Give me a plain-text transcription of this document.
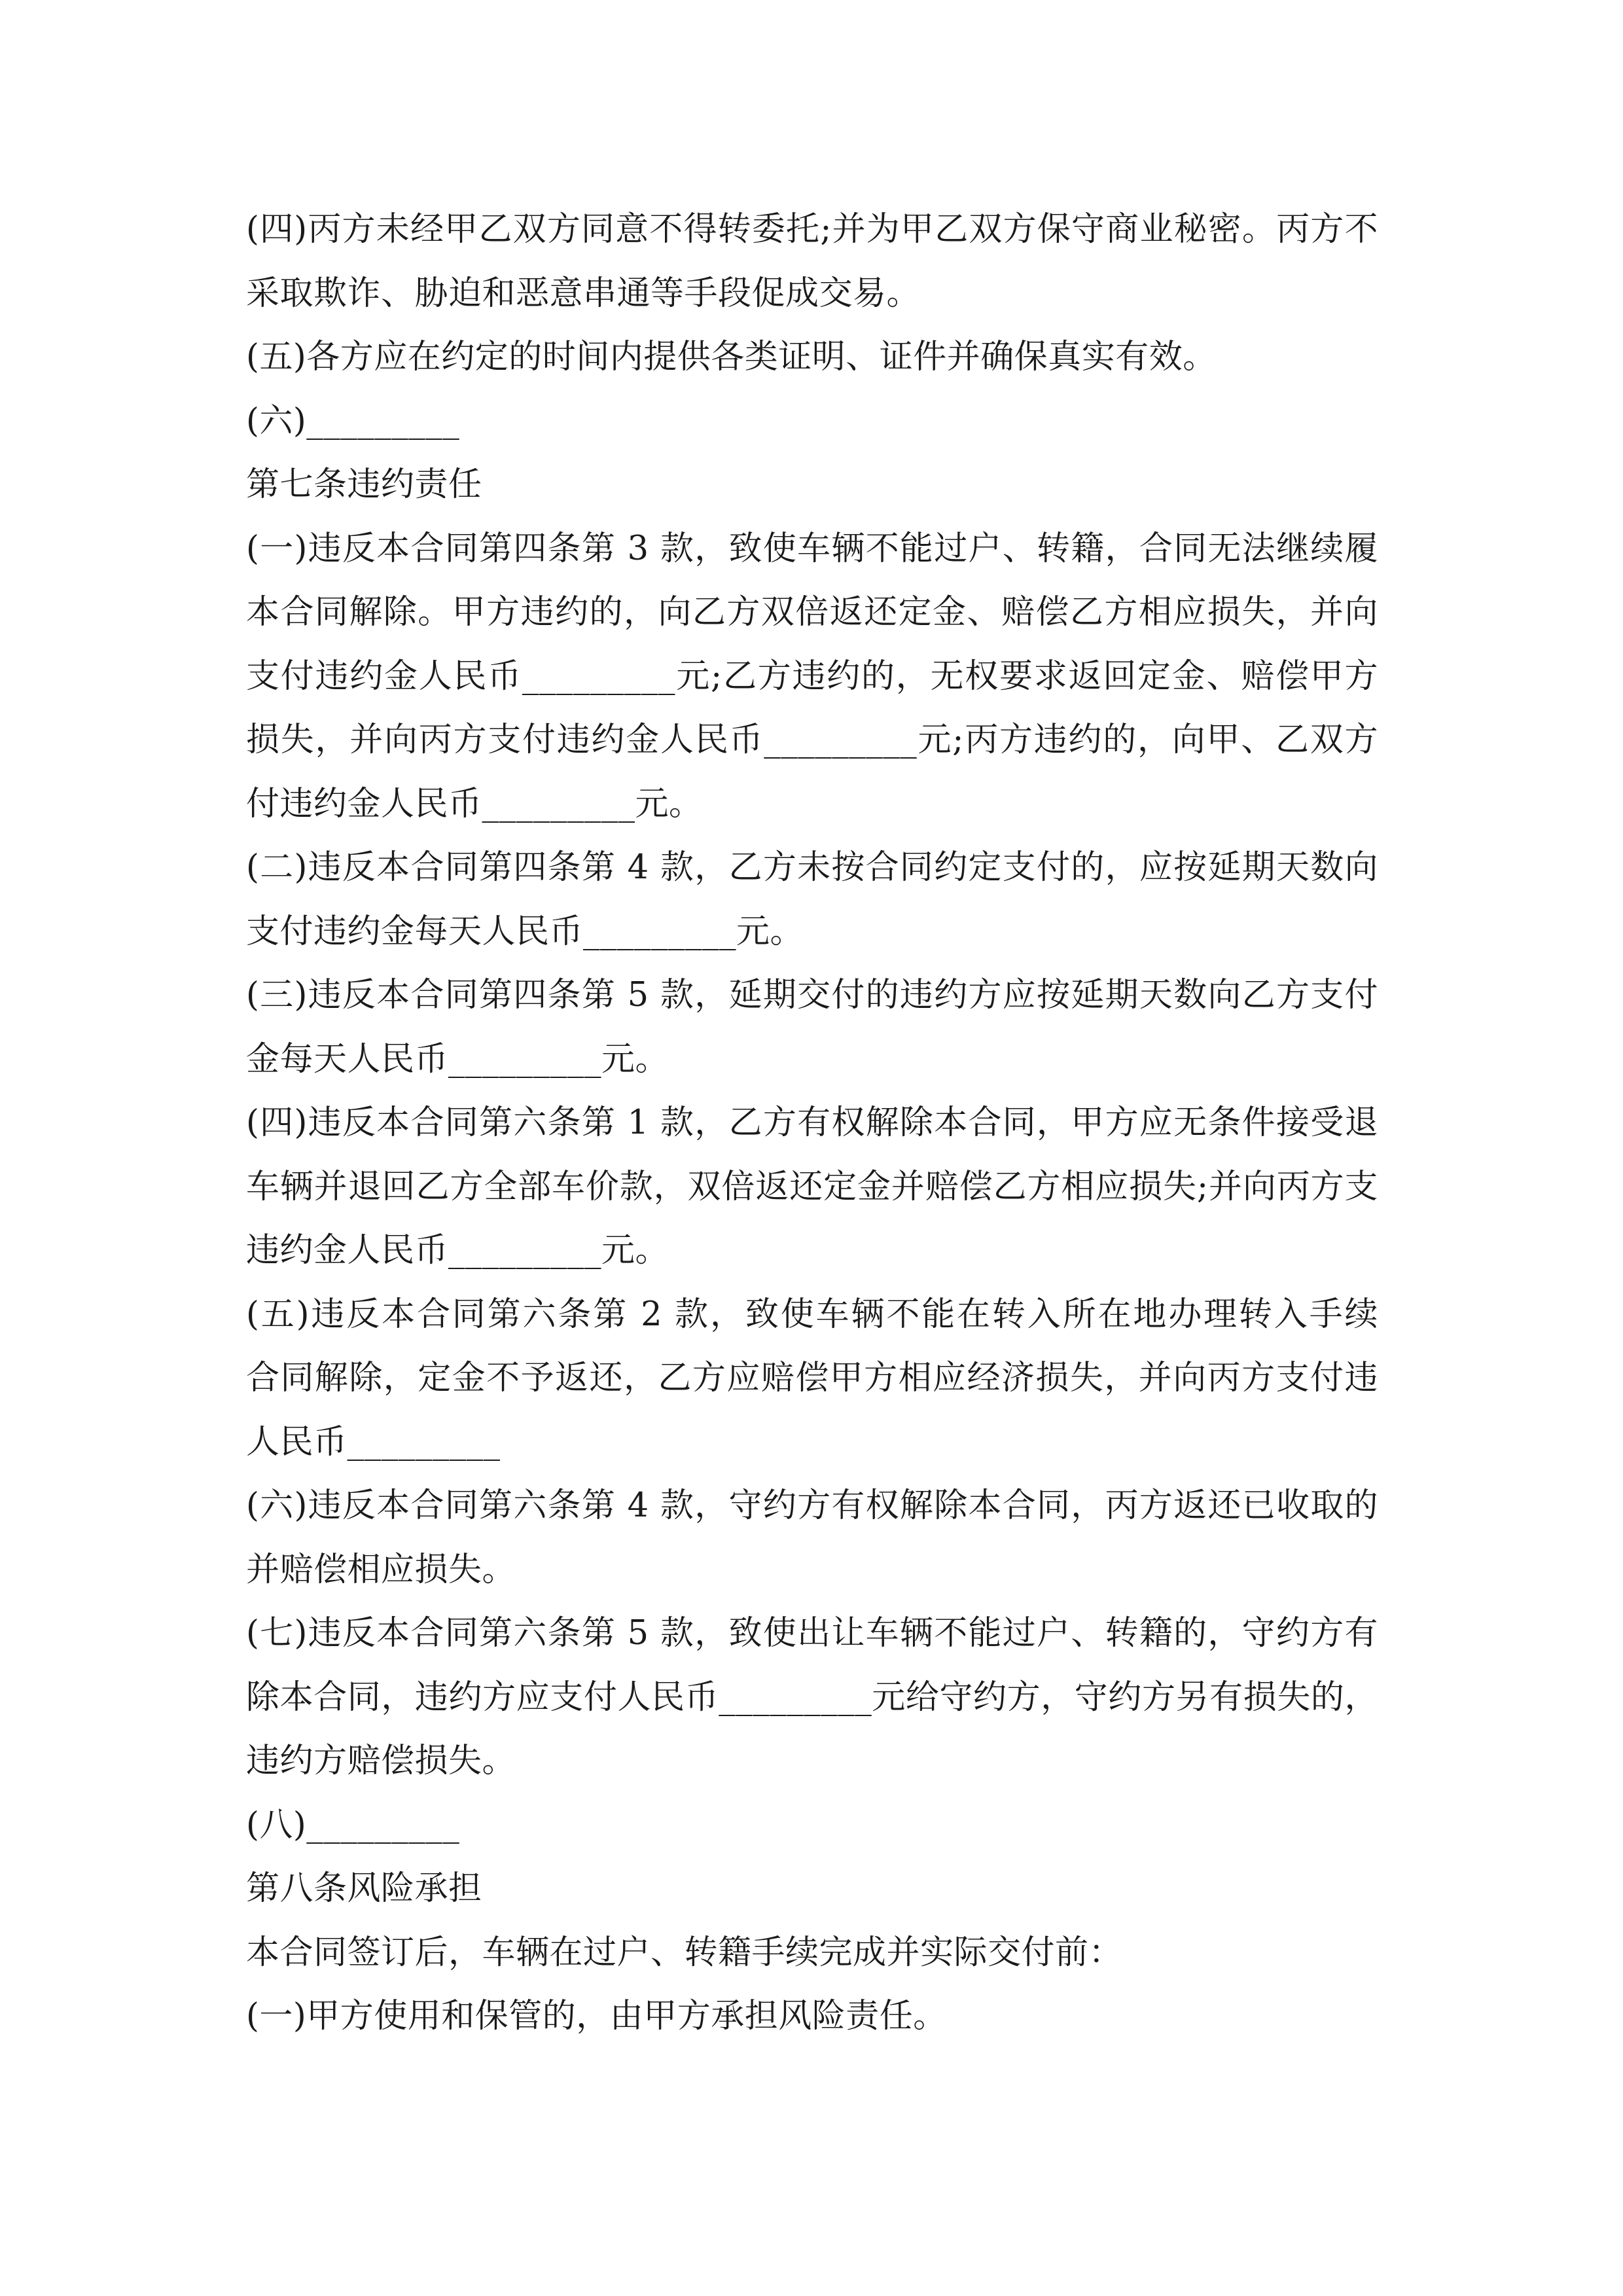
(四)丙方未经甲乙双方同意不得转委托;并为甲乙双方保守商业秘密。丙方不

采取欺诈、胁迫和恶意串通等手段促成交易。

(五)各方应在约定的时间内提供各类证明、证件并确保真实有效。

(六)_________

第七条违约责任

(一)违反本合同第四条第 3 款，致使车辆不能过户、转籍，合同无法继续履

本合同解除。甲方违约的，向乙方双倍返还定金、赔偿乙方相应损失，并向

支付违约金人民币_________元;乙方违约的，无权要求返回定金、赔偿甲方

损失，并向丙方支付违约金人民币_________元;丙方违约的，向甲、乙双方

付违约金人民币_________元。

(二)违反本合同第四条第 4 款，乙方未按合同约定支付的，应按延期天数向

支付违约金每天人民币_________元。

(三)违反本合同第四条第 5 款，延期交付的违约方应按延期天数向乙方支付

金每天人民币_________元。

(四)违反本合同第六条第 1 款，乙方有权解除本合同，甲方应无条件接受退

车辆并退回乙方全部车价款，双倍返还定金并赔偿乙方相应损失;并向丙方支

违约金人民币_________元。

(五)违反本合同第六条第 2 款，致使车辆不能在转入所在地办理转入手续

合同解除，定金不予返还，乙方应赔偿甲方相应经济损失，并向丙方支付违

人民币_________

(六)违反本合同第六条第 4 款，守约方有权解除本合同，丙方返还已收取的

并赔偿相应损失。

(七)违反本合同第六条第 5 款，致使出让车辆不能过户、转籍的，守约方有

除本合同，违约方应支付人民币_________元给守约方，守约方另有损失的，

违约方赔偿损失。

(八)_________

第八条风险承担

本合同签订后，车辆在过户、转籍手续完成并实际交付前：

(一)甲方使用和保管的，由甲方承担风险责任。
